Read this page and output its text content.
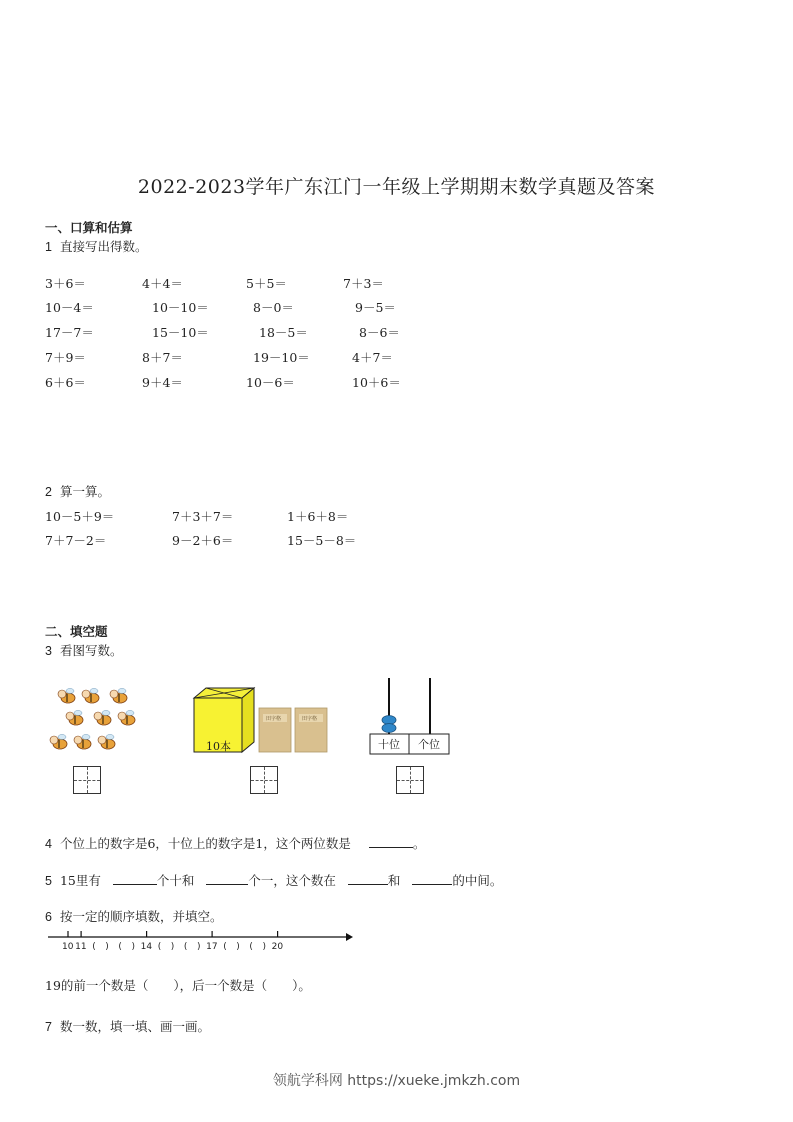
2022-2023学年广东江门一年级上学期期末数学真题及答案
一、口算和估算
1 直接写出得数。
3＋6＝	4＋4＝	5＋5＝	7＋3＝
10－4＝	10－10＝	8－0＝	9－5＝
17－7＝	15－10＝	18－5＝	8－6＝
7＋9＝	8＋7＝	19－10＝	4＋7＝
6＋6＝	9＋4＝	10－6＝	10＋6＝
2 算一算。
10－5＋9＝	7＋3＋7＝	1＋6＋8＝
7＋7－2＝	9－2＋6＝	15－5－8＝
二、填空题
3 看图写数。
10本
田字格	田字格
十位 个位
4 个位上的数字是6，十位上的数字是1，这个两位数是	。
5 15里有	个十和	个一，这个数在	和	的中间。
6 按一定的顺序填数，并填空。
10 11 ( ) ( ) 14 ( ) ( ) 17 ( ) ( ) 20
19的前一个数是（　　），后一个数是（　　）。
7 数一数，填一填、画一画。
领航学科网 https://xueke.jmkzh.com
